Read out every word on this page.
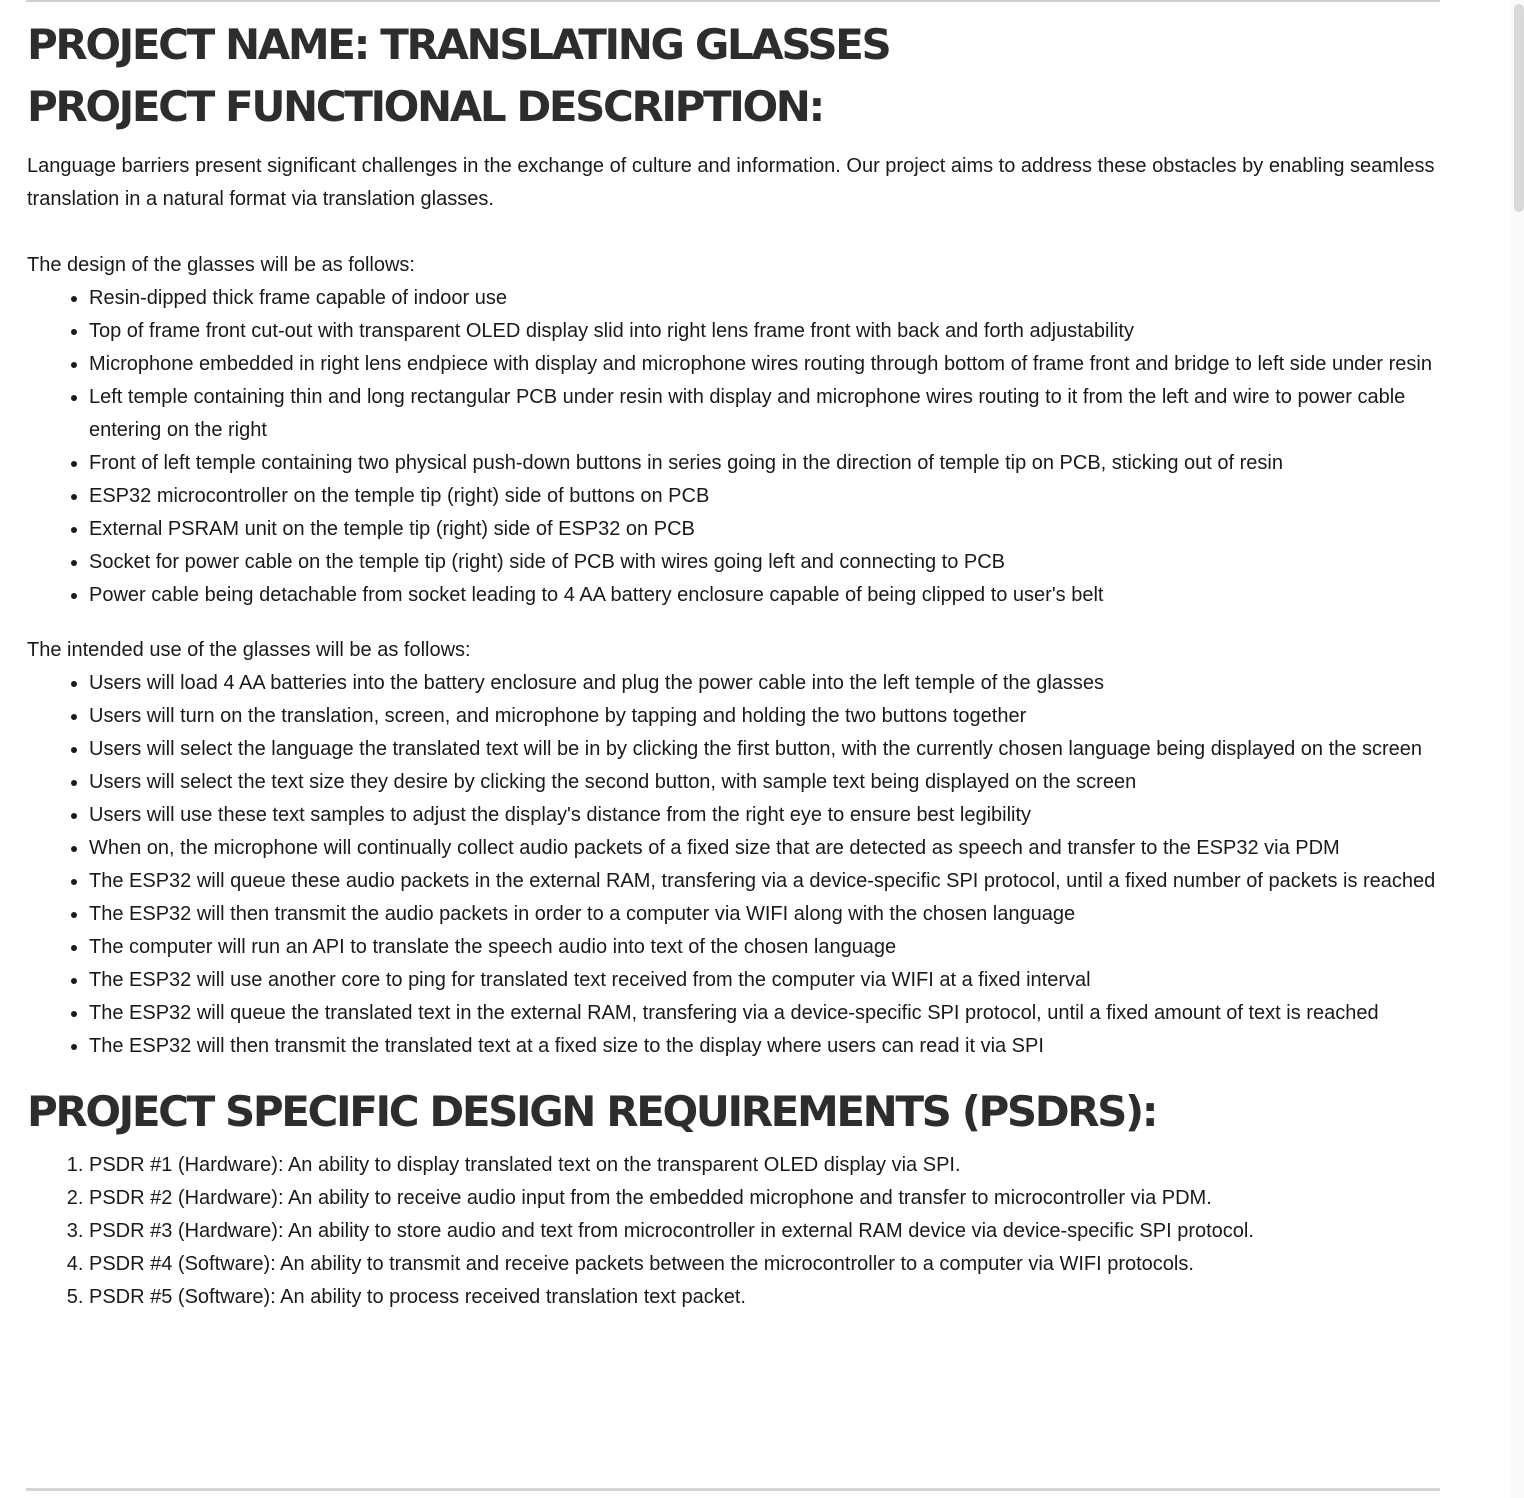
PROJECT NAME: TRANSLATING GLASSES
PROJECT FUNCTIONAL DESCRIPTION:

Language barriers present significant challenges in the exchange of culture and information. Our project aims to address these obstacles by enabling seamless translation in a natural format via translation glasses.

The design of the glasses will be as follows:

• Resin-dipped thick frame capable of indoor use
• Top of frame front cut-out with transparent OLED display slid into right lens frame front with back and forth adjustability
• Microphone embedded in right lens endpiece with display and microphone wires routing through bottom of frame front and bridge to left side under resin
• Left temple containing thin and long rectangular PCB under resin with display and microphone wires routing to it from the left and wire to power cable entering on the right
• Front of left temple containing two physical push-down buttons in series going in the direction of temple tip on PCB, sticking out of resin
• ESP32 microcontroller on the temple tip (right) side of buttons on PCB
• External PSRAM unit on the temple tip (right) side of ESP32 on PCB
• Socket for power cable on the temple tip (right) side of PCB with wires going left and connecting to PCB
• Power cable being detachable from socket leading to 4 AA battery enclosure capable of being clipped to user's belt

The intended use of the glasses will be as follows:

• Users will load 4 AA batteries into the battery enclosure and plug the power cable into the left temple of the glasses
• Users will turn on the translation, screen, and microphone by tapping and holding the two buttons together
• Users will select the language the translated text will be in by clicking the first button, with the currently chosen language being displayed on the screen
• Users will select the text size they desire by clicking the second button, with sample text being displayed on the screen
• Users will use these text samples to adjust the display's distance from the right eye to ensure best legibility
• When on, the microphone will continually collect audio packets of a fixed size that are detected as speech and transfer to the ESP32 via PDM
• The ESP32 will queue these audio packets in the external RAM, transfering via a device-specific SPI protocol, until a fixed number of packets is reached
• The ESP32 will then transmit the audio packets in order to a computer via WIFI along with the chosen language
• The computer will run an API to translate the speech audio into text of the chosen language
• The ESP32 will use another core to ping for translated text received from the computer via WIFI at a fixed interval
• The ESP32 will queue the translated text in the external RAM, transfering via a device-specific SPI protocol, until a fixed amount of text is reached
• The ESP32 will then transmit the translated text at a fixed size to the display where users can read it via SPI
PROJECT SPECIFIC DESIGN REQUIREMENTS (PSDRS):
1. PSDR #1 (Hardware): An ability to display translated text on the transparent OLED display via SPI.
2. PSDR #2 (Hardware): An ability to receive audio input from the embedded microphone and transfer to microcontroller via PDM.
3. PSDR #3 (Hardware): An ability to store audio and text from microcontroller in external RAM device via device-specific SPI protocol.
4. PSDR #4 (Software): An ability to transmit and receive packets between the microcontroller to a computer via WIFI protocols.
5. PSDR #5 (Software): An ability to process received translation text packet.
